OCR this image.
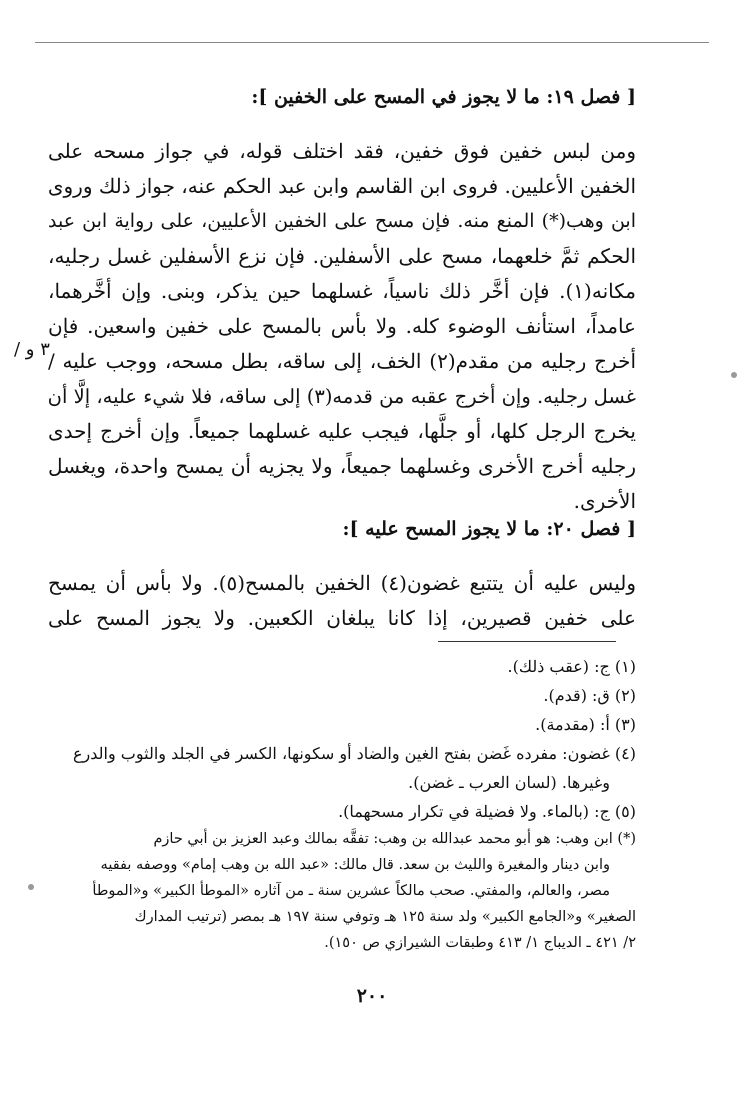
[ فصل ١٩: ما لا يجوز في المسح على الخفين ]:
ومن لبس خفين فوق خفين، فقد اختلف قوله، في جواز مسحه على
الخفين الأعليين. فروى ابن القاسم وابن عبد الحكم عنه، جواز ذلك وروى
ابن وهب(*) المنع منه. فإن مسح على الخفين الأعليين، على رواية ابن عبد
الحكم ثمَّ خلعهما، مسح على الأسفلين. فإن نزع الأسفلين غسل رجليه،
مكانه(١). فإن أخَّر ذلك ناسياً، غسلهما حين يذكر، وبنى. وإن أخَّرهما،
عامداً، استأنف الوضوء كله. ولا بأس بالمسح على خفين واسعين. فإن
أخرج رجليه من مقدم(٢) الخف، إلى ساقه، بطل مسحه، ووجب عليه /
غسل رجليه. وإن أخرج عقبه من قدمه(٣) إلى ساقه، فلا شيء عليه، إلَّا أن
يخرج الرجل كلها، أو جلَّها، فيجب عليه غسلهما جميعاً. وإن أخرج إحدى
رجليه أخرج الأخرى وغسلهما جميعاً، ولا يجزيه أن يمسح واحدة، ويغسل
الأخرى.
/ ٣ و
[ فصل ٢٠: ما لا يجوز المسح عليه ]:
وليس عليه أن يتتبع غضون(٤) الخفين بالمسح(٥). ولا بأس أن يمسح
على خفين قصيرين، إذا كانا يبلغان الكعبين. ولا يجوز المسح على
(١) ج: (عقب ذلك).
(٢) ق: (قدم).
(٣) أ: (مقدمة).
(٤) غضون: مفرده غَضن بفتح الغين والضاد أو سكونها، الكسر في الجلد والثوب والدرع
وغيرها. (لسان العرب ـ غضن).
(٥) ج: (بالماء. ولا فضيلة في تكرار مسحهما).
(*) ابن وهب: هو أبو محمد عبدالله بن وهب: تفقَّه بمالك وعبد العزيز بن أبي حازم
وابن دينار والمغيرة والليث بن سعد. قال مالك: «عبد الله بن وهب إمام» ووصفه بفقيه
مصر، والعالم، والمفتي. صحب مالكاً عشرين سنة ـ من آثاره «الموطأ الكبير» و«الموطأ
الصغير» و«الجامع الكبير» ولد سنة ١٢٥ هـ وتوفي سنة ١٩٧ هـ بمصر (ترتيب المدارك
٢/ ٤٢١ ـ الديباج ١/ ٤١٣ وطبقات الشيرازي ص ١٥٠).
٢٠٠
